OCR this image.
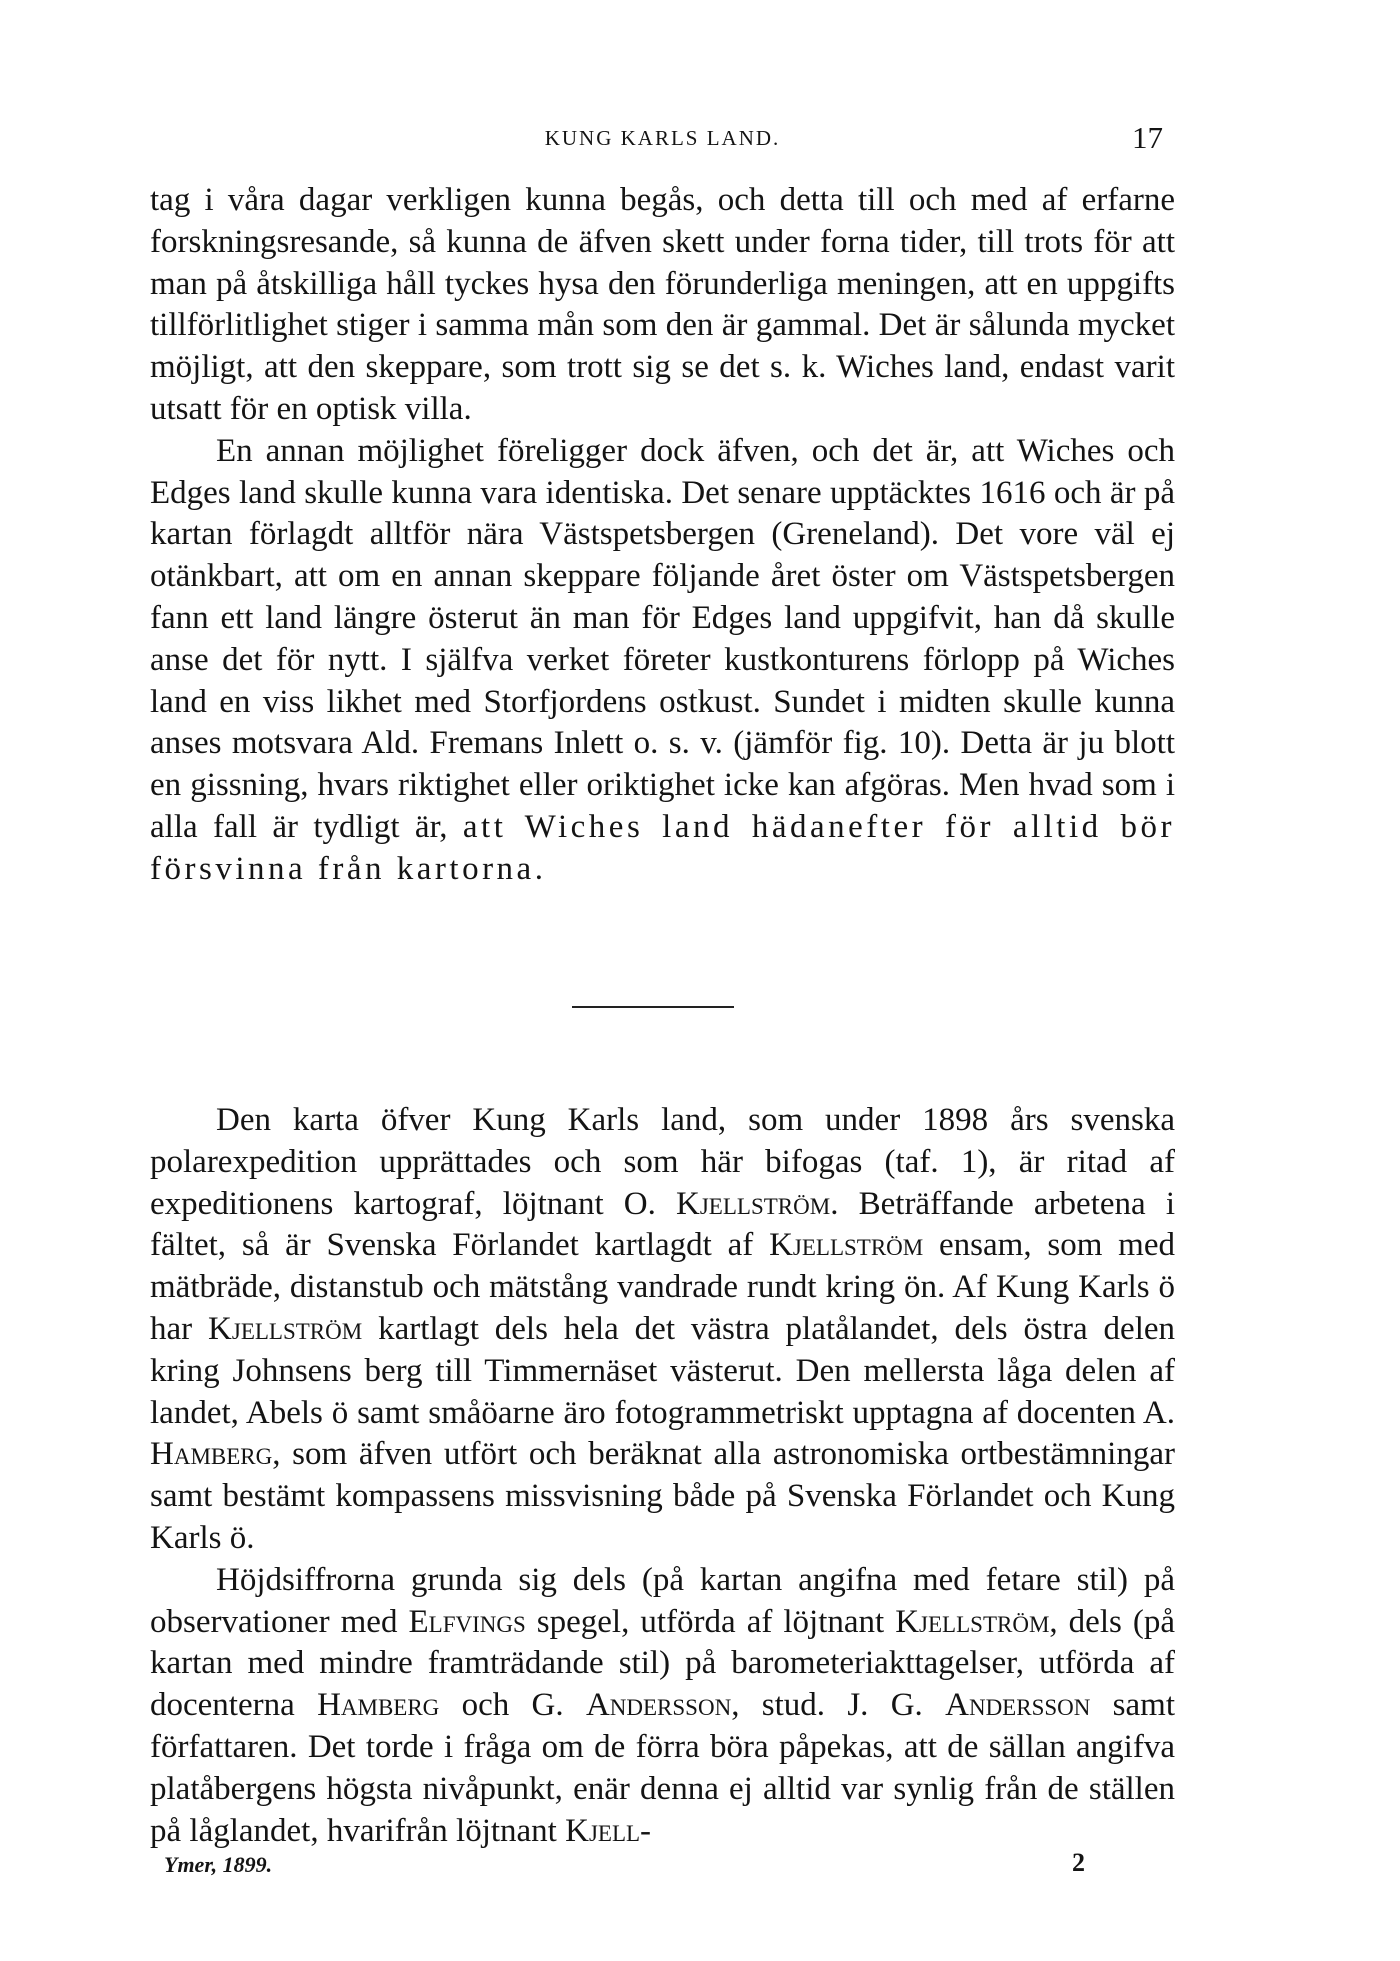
KUNG KARLS LAND.	17

tag i våra dagar verkligen kunna begås, och detta till och med af erfarne forskningsresande, så kunna de äfven skett under forna tider, till trots för att man på åtskilliga håll tyckes hysa den förunderliga meningen, att en uppgifts tillförlitlighet stiger i samma mån som den är gammal. Det är sålunda mycket möjligt, att den skeppare, som trott sig se det s. k. Wiches land, endast varit utsatt för en optisk villa.

En annan möjlighet föreligger dock äfven, och det är, att Wiches och Edges land skulle kunna vara identiska. Det senare upptäcktes 1616 och är på kartan förlagdt alltför nära Västspetsbergen (Greneland). Det vore väl ej otänkbart, att om en annan skeppare följande året öster om Västspetsbergen fann ett land längre österut än man för Edges land uppgifvit, han då skulle anse det för nytt. I själfva verket företer kustkonturens förlopp på Wiches land en viss likhet med Storfjordens ostkust. Sundet i midten skulle kunna anses motsvara Ald. Fremans Inlett o. s. v. (jämför fig. 10). Detta är ju blott en gissning, hvars riktighet eller oriktighet icke kan afgöras. Men hvad som i alla fall är tydligt är, att Wiches land hädanefter för alltid bör försvinna från kartorna.

Den karta öfver Kung Karls land, som under 1898 års svenska polarexpedition upprättades och som här bifogas (taf. 1), är ritad af expeditionens kartograf, löjtnant O. Kjellström. Beträffande arbetena i fältet, så är Svenska Förlandet kartlagdt af Kjellström ensam, som med mätbräde, distanstub och mätstång vandrade rundt kring ön. Af Kung Karls ö har Kjellström kartlagt dels hela det västra platålandet, dels östra delen kring Johnsens berg till Timmernäset västerut. Den mellersta låga delen af landet, Abels ö samt småöarne äro fotogrammetriskt upptagna af docenten A. Hamberg, som äfven utfört och beräknat alla astronomiska ortbestämningar samt bestämt kompassens missvisning både på Svenska Förlandet och Kung Karls ö.

Höjdsiffrorna grunda sig dels (på kartan angifna med fetare stil) på observationer med Elfvings spegel, utförda af löjtnant Kjellström, dels (på kartan med mindre framträdande stil) på barometeriakttagelser, utförda af docenterna Hamberg och G. Andersson, stud. J. G. Andersson samt författaren. Det torde i fråga om de förra böra påpekas, att de sällan angifva platåbergens högsta nivåpunkt, enär denna ej alltid var synlig från de ställen på låglandet, hvarifrån löjtnant Kjell-

Ymer, 1899.	2
